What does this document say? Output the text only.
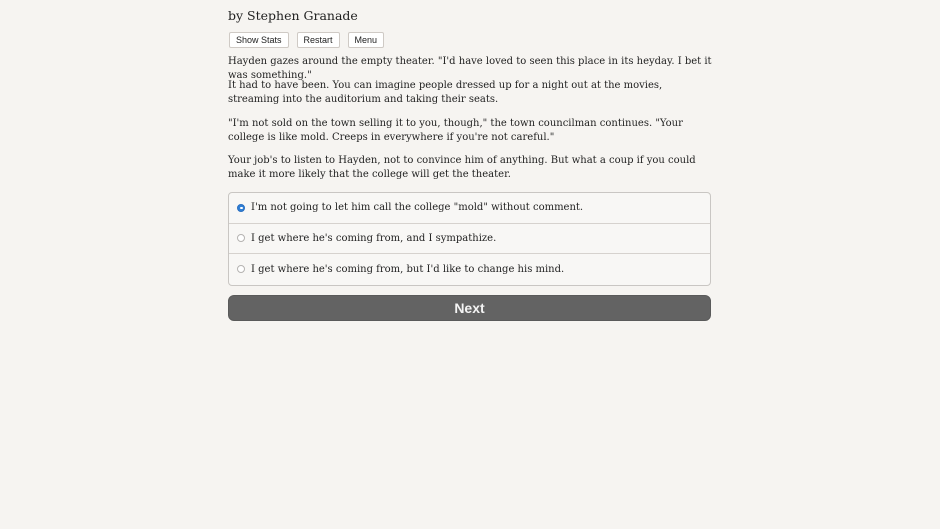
by Stephen Granade
Show Stats	Restart	Menu

Hayden gazes around the empty theater. "I'd have loved to seen this place in its heyday. I bet it was something."

It had to have been. You can imagine people dressed up for a night out at the movies, streaming into the auditorium and taking their seats.

"I'm not sold on the town selling it to you, though," the town councilman continues. "Your college is like mold. Creeps in everywhere if you're not careful."

Your job's to listen to Hayden, not to convince him of anything. But what a coup if you could make it more likely that the college will get the theater.

I'm not going to let him call the college "mold" without comment.
I get where he's coming from, and I sympathize.
I get where he's coming from, but I'd like to change his mind.
Next
